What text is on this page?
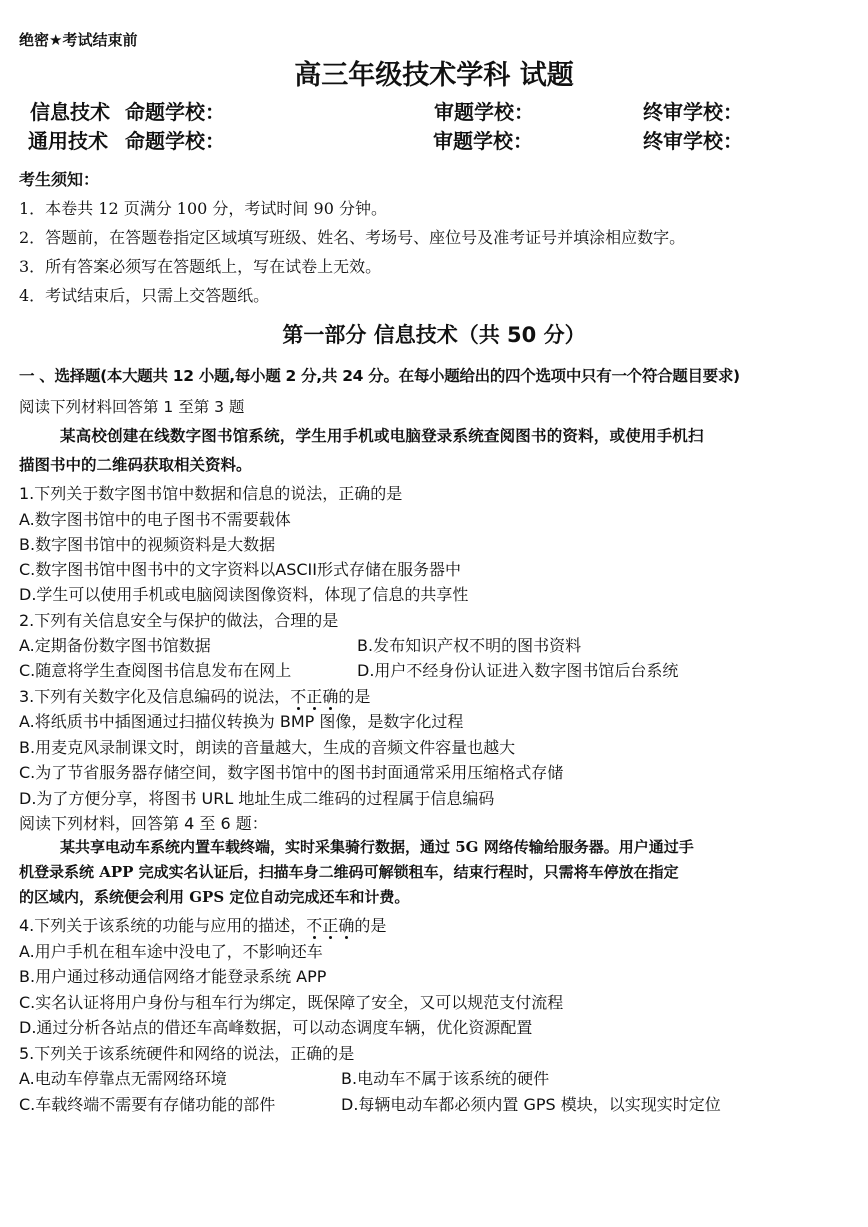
绝密★考试结束前
高三年级技术学科 试题
信息技术 命题学校：	审题学校：	终审学校：
通用技术 命题学校：	审题学校：	终审学校：
考生须知：
1．本卷共 12 页满分 100 分，考试时间 90 分钟。
2．答题前，在答题卷指定区域填写班级、姓名、考场号、座位号及准考证号并填涂相应数字。
3．所有答案必须写在答题纸上，写在试卷上无效。
4．考试结束后，只需上交答题纸。
第一部分 信息技术（共 50 分）
一 、选择题(本大题共 12 小题,每小题 2 分,共 24 分。在每小题给出的四个选项中只有一个符合题目要求)
阅读下列材料回答第 1 至第 3 题
某高校创建在线数字图书馆系统，学生用手机或电脑登录系统查阅图书的资料，或使用手机扫
描图书中的二维码获取相关资料。
1.下列关于数字图书馆中数据和信息的说法，正确的是
A.数字图书馆中的电子图书不需要载体
B.数字图书馆中的视频资料是大数据
C.数字图书馆中图书中的文字资料以ASCII形式存储在服务器中
D.学生可以使用手机或电脑阅读图像资料，体现了信息的共享性
2.下列有关信息安全与保护的做法，合理的是
A.定期备份数字图书馆数据	B.发布知识产权不明的图书资料
C.随意将学生查阅图书信息发布在网上	D.用户不经身份认证进入数字图书馆后台系统
3.下列有关数字化及信息编码的说法，不正确的是
A.将纸质书中插图通过扫描仪转换为 BMP 图像，是数字化过程
B.用麦克风录制课文时，朗读的音量越大，生成的音频文件容量也越大
C.为了节省服务器存储空间，数字图书馆中的图书封面通常采用压缩格式存储
D.为了方便分享，将图书 URL 地址生成二维码的过程属于信息编码
阅读下列材料，回答第 4 至 6 题：
某共享电动车系统内置车载终端，实时采集骑行数据，通过 5G 网络传输给服务器。用户通过手
机登录系统 APP 完成实名认证后，扫描车身二维码可解锁租车，结束行程时，只需将车停放在指定
的区域内，系统便会利用 GPS 定位自动完成还车和计费。
4.下列关于该系统的功能与应用的描述，不正确的是
A.用户手机在租车途中没电了，不影响还车
B.用户通过移动通信网络才能登录系统 APP
C.实名认证将用户身份与租车行为绑定，既保障了安全，又可以规范支付流程
D.通过分析各站点的借还车高峰数据，可以动态调度车辆，优化资源配置
5.下列关于该系统硬件和网络的说法，正确的是
A.电动车停靠点无需网络环境	B.电动车不属于该系统的硬件
C.车载终端不需要有存储功能的部件	D.每辆电动车都必须内置 GPS 模块，以实现实时定位
